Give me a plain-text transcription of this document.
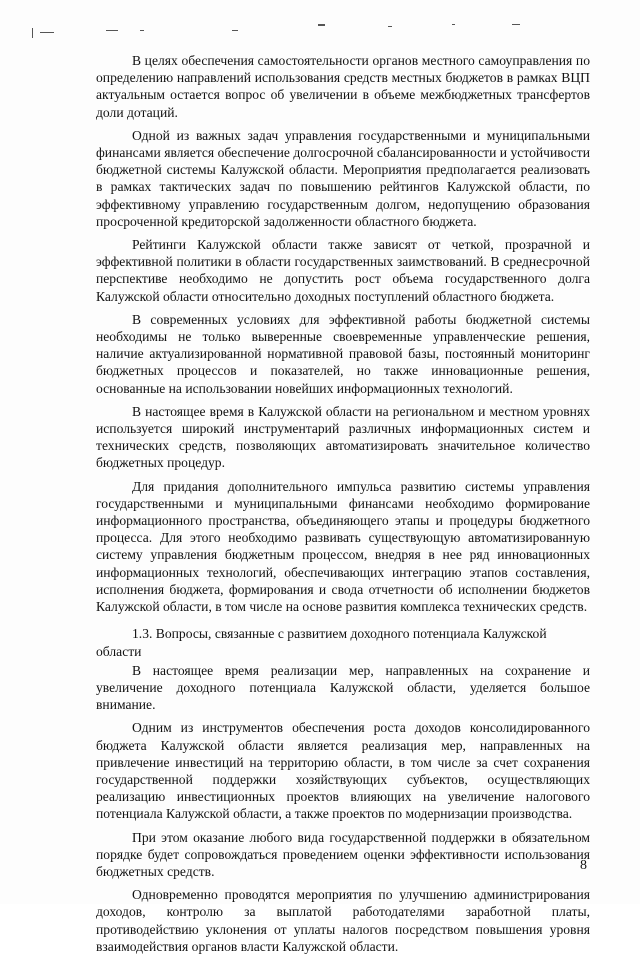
В целях обеспечения самостоятельности органов местного самоуправления по определению направлений использования средств местных бюджетов в рамках ВЦП актуальным остается вопрос об увеличении в объеме межбюджетных трансфертов доли дотаций.

Одной из важных задач управления государственными и муниципальными финансами является обеспечение долгосрочной сбалансированности и устойчивости бюджетной системы Калужской области. Мероприятия предполагается реализовать в рамках тактических задач по повышению рейтингов Калужской области, по эффективному управлению государственным долгом, недопущению образования просроченной кредиторской задолженности областного бюджета.

Рейтинги Калужской области также зависят от четкой, прозрачной и эффективной политики в области государственных заимствований. В среднесрочной перспективе необходимо не допустить рост объема государственного долга Калужской области относительно доходных поступлений областного бюджета.

В современных условиях для эффективной работы бюджетной системы необходимы не только выверенные своевременные управленческие решения, наличие актуализированной нормативной правовой базы, постоянный мониторинг бюджетных процессов и показателей, но также инновационные решения, основанные на использовании новейших информационных технологий.

В настоящее время в Калужской области на региональном и местном уровнях используется широкий инструментарий различных информационных систем и технических средств, позволяющих автоматизировать значительное количество бюджетных процедур.

Для придания дополнительного импульса развитию системы управления государственными и муниципальными финансами необходимо формирование информационного пространства, объединяющего этапы и процедуры бюджетного процесса. Для этого необходимо развивать существующую автоматизированную систему управления бюджетным процессом, внедряя в нее ряд инновационных информационных технологий, обеспечивающих интеграцию этапов составления, исполнения бюджета, формирования и свода отчетности об исполнении бюджетов Калужской области, в том числе на основе развития комплекса технических средств.

1.3. Вопросы, связанные с развитием доходного потенциала Калужской области

В настоящее время реализации мер, направленных на сохранение и увеличение доходного потенциала Калужской области, уделяется большое внимание.

Одним из инструментов обеспечения роста доходов консолидированного бюджета Калужской области является реализация мер, направленных на привлечение инвестиций на территорию области, в том числе за счет сохранения государственной поддержки хозяйствующих субъектов, осуществляющих реализацию инвестиционных проектов влияющих на увеличение налогового потенциала Калужской области, а также проектов по модернизации производства.

При этом оказание любого вида государственной поддержки в обязательном порядке будет сопровождаться проведением оценки эффективности использования бюджетных средств.

Одновременно проводятся мероприятия по улучшению администрирования доходов, контролю за выплатой работодателями заработной платы, противодействию уклонения от уплаты налогов посредством повышения уровня взаимодействия органов власти Калужской области.

8
